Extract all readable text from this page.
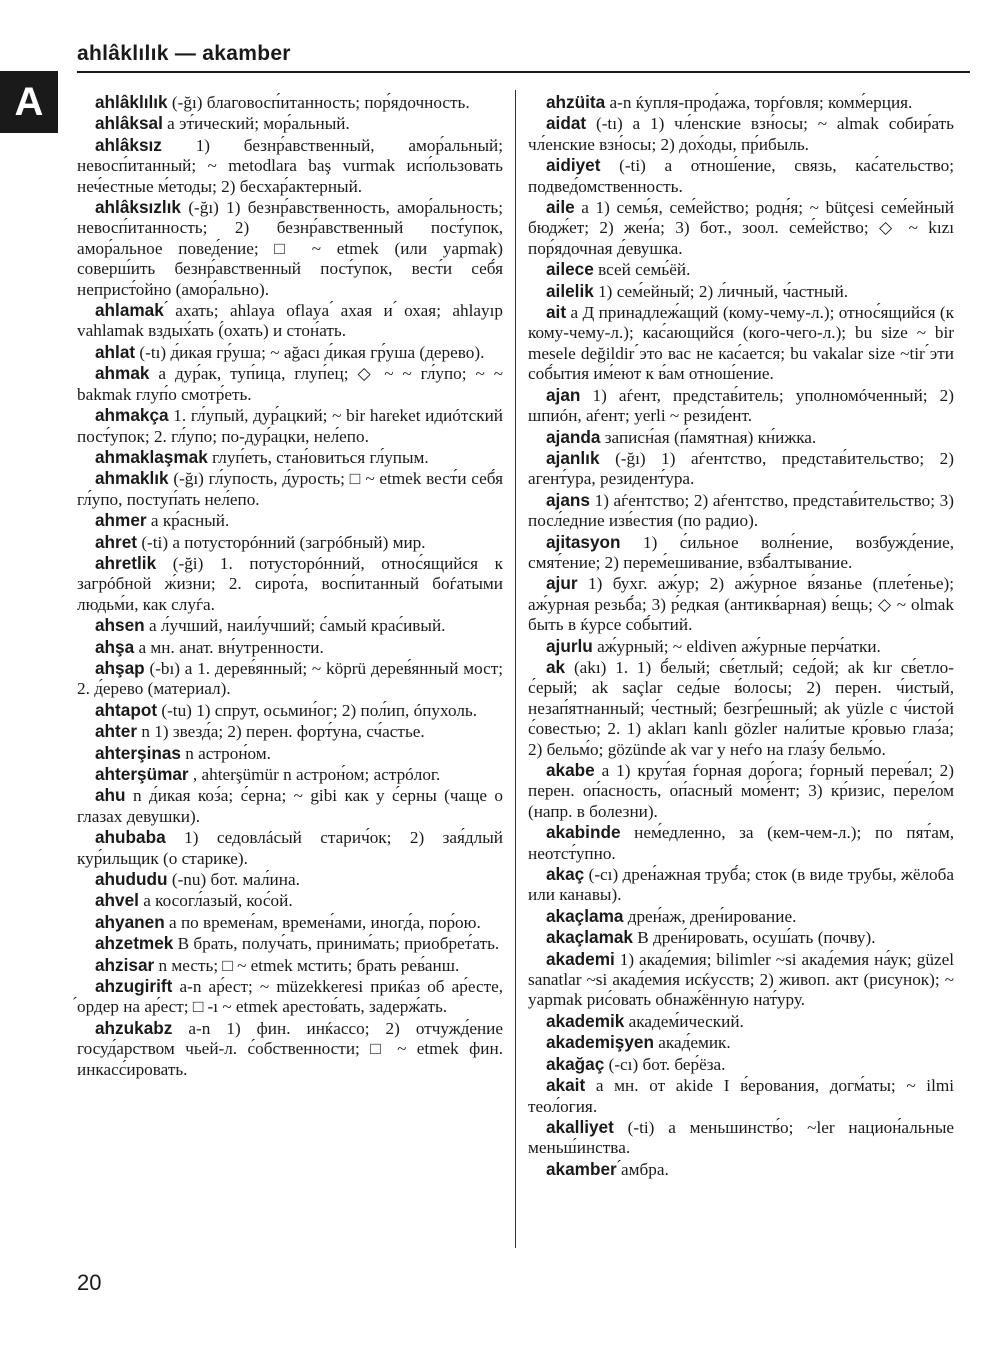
ahlâklılık — akamber
A	ahlâklılık (-ğı) благовосп́итанность; пор́ядочность.

ahlâksal a эт́ический; мор́альный.

ahlâksız 1) безнр́авственный, амор́альный; невосп́итанный; ~ metodlara baş vurmak исп́ользовать неч́естные м́етоды; 2) бесхар́актерный.

ahlâksızlık (-ğı) 1) безнр́авственность, амор́альность; невосп́итанность; 2) безнр́авственный пост́упок, амор́альное повед́ение; □ ~ etmek (или yapmak) соверш́ить безнр́авственный пост́упок, вест́и себ́я неприст́ойно (амор́ально).

ahlamak ́ахать; ahlaya oflaya ́ахая и ́охая; ahlayıp vahlamak вздых́ать (́охать) и стон́ать.

ahlat (-tı) д́икая гр́уша; ~ ağacı д́икая гр́уша (дерево).

ahmak a дур́ак, туп́ица, глуп́ец; ◇ ~ ~ гл́упо; ~ ~ bakmak глуп́о смотр́еть.

ahmakça 1. гл́упый, дур́ацкий; ~ bir hareket идиóтский пост́упок; 2. гл́упо; по-дур́ацки, нел́епо.

ahmaklaşmak глуп́еть, стан́овиться гл́упым.

ahmaklık (-ğı) гл́упость, д́урость; □ ~ etmek вест́и себ́я гл́упо, поступ́ать нел́епо.

ahmer a кр́асный.

ahret (-ti) a потусторóнний (загрóбный) мир.

ahretlik (-ği) 1. потусторóнний, относ́ящийся к загрóбной ж́изни; 2. сирот́а, восп́итанный боѓатыми людьм́и, как слуѓа.

ahsen a л́учший, наил́учший; с́амый крас́ивый.

ahşa a мн. анат. вн́утренности.

ahşap (-bı) a 1. дерев́янный; ~ köprü дерев́янный мост; 2. д́ерево (материал).

ahtapot (-tu) 1) спрут, осьмин́ог; 2) пол́ип, óпухоль.

ahter n 1) звезд́а; 2) перен. форт́уна, сч́астье.

ahterşinas n астрон́ом.

ahterşümar , ahterşümür n астрон́ом; астрóлог.

ahu n д́икая коз́а; с́ерна; ~ gibi как у с́ерны (чаще о глазах девушки).

ahubaba 1) седовлáсый старич́ок; 2) зая́длый кур́ильщик (о старике).

ahududu (-nu) бот. мал́ина.

ahvel a косогл́азый, кос́ой.

ahyanen a по времен́ам, времен́ами, иногд́а, пор́ою.

ahzetmek B брать, получ́ать, приним́ать; приобрет́ать.

ahzisar n месть; □ ~ etmek мстить; брать рев́анш.

ahzugirift a-n ар́ест; ~ müzekkeresi приќаз об ар́есте, ́ордер на ар́ест; □ -ı ~ etmek арестов́ать, задерж́ать.

ahzukabz a-n 1) фин. инќассо; 2) отчужд́ение госуд́арством чьей-л. с́обственности; □ ~ etmek фин. инкасс́ировать.

ahzüita a-n ќупля-прод́ажа, торѓовля; комм́ерция.

aidat (-tı) a 1) чл́енские взн́осы; ~ almak собир́ать чл́енские взн́осы; 2) дох́оды, пр́ибыль.

aidiyet (-ti) a отнош́ение, связь, кас́ательство; подвед́омственность.

aile a 1) семь́я, сем́ейство; родн́я; ~ bütçesi сем́ейный бюдж́ет; 2) жен́а; 3) бот., зоол. сем́ейство; ◇ ~ kızı пор́ядочная д́евушка.

ailece всей семь́ёй.

ailelik 1) сем́ейный; 2) л́ичный, ч́астный.

ait a Д принадлеж́ащий (кому-чему-л.); относ́ящийся (к кому-чему-л.); кас́ающийся (кого-чего-л.); bu size ~ bir mesele değildir ́это вас не кас́ается; bu vakalar size ~tir ́эти соб́ытия им́еют к в́ам отнош́ение.

ajan 1) аѓент, представ́итель; уполномóченный; 2) шпиóн, аѓент; yerli ~ резид́ент.

ajanda записн́ая (п́амятная) кн́ижка.

ajanlık (-ğı) 1) аѓентство, представ́ительство; 2) агент́ура, резидент́ура.

ajans 1) аѓентство; 2) аѓентство, представ́ительство; 3) посл́едние изв́естия (по радио).

ajitasyon 1) с́ильное волн́ение, возбужд́ение, смят́ение; 2) перем́ешивание, взб́алтывание.

ajur 1) бухг. аж́ур; 2) аж́урное в́язанье (плет́енье); аж́урная резьб́а; 3) р́едкая (антикв́арная) в́ещь; ◇ ~ olmak быть в ќурсе соб́ытий.

ajurlu аж́урный; ~ eldiven аж́урные перч́атки.

ak (akı) 1. 1) б́елый; св́етлый; сед́ой; ak kır св́етло-с́ерый; ak saçlar сед́ые в́олосы; 2) перен. ч́истый, незап́ятнанный; ч́естный; безгр́ешный; ak yüzle с ч́истой с́овестью; 2. 1) akları kanlı gözler нал́итые кр́овью глаз́а; 2) бельм́о; gözünde ak var у неѓо на глаз́у бельм́о.

akabe a 1) крут́ая ѓорная дор́ога; ѓорный перев́ал; 2) перен. оп́асность, оп́асный мом́ент; 3) кр́изис, перел́ом (напр. в болезни).

akabinde нем́едленно, за (кем-чем-л.); по пят́ам, неотст́упно.

akaç (-cı) дрен́ажная труб́а; сток (в виде трубы, жёлоба или канавы).

akaçlama дрен́аж, дрен́ирование.

akaçlamak B дрен́ировать, осуш́ать (почву).

akademi 1) акад́емия; bilimler ~si акад́емия на́ук; güzel sanatlar ~si акад́емия исќусств; 2) живоп. акт (рисунок); ~ yapmak рис́овать обнаж́ённую нат́уру.

akademik академ́ический.

akademişyen акад́емик.

akağaç (-cı) бот. бер́ёза.

akait a мн. от akide I в́ерования, догм́аты; ~ ilmi теол́огия.

akalliyet (-ti) a меньшинств́о; ~ler национ́альные меньш́инства.

akamber ́амбра.

20
